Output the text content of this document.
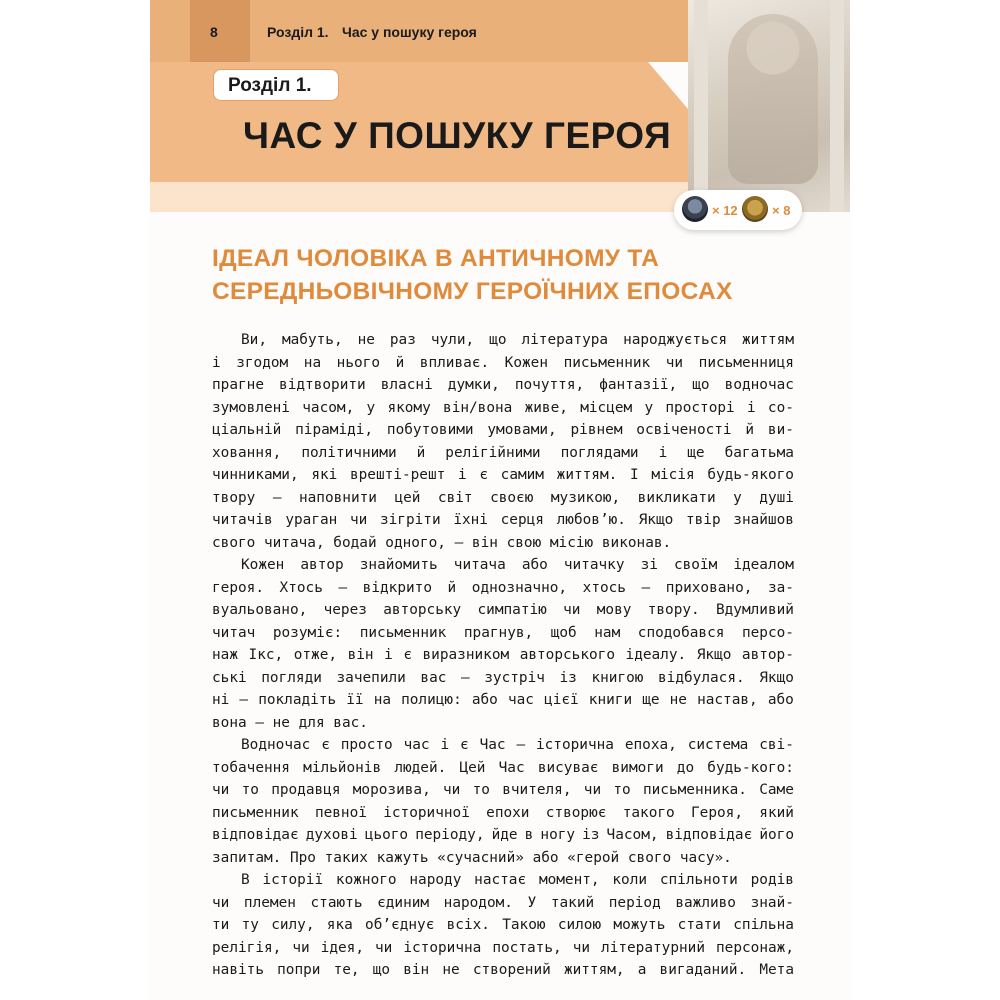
8	Розділ 1. Час у пошуку героя
Розділ 1.
ЧАС У ПОШУКУ ГЕРОЯ
× 12	× 8
ІДЕАЛ ЧОЛОВІКА В АНТИЧНОМУ ТА
СЕРЕДНЬОВІЧНОМУ ГЕРОЇЧНИХ ЕПОСАХ
Ви, мабуть, не раз чули, що література народжується життям
і згодом на нього й впливає. Кожен письменник чи письменниця
прагне відтворити власні думки, почуття, фантазії, що водночас
зумовлені часом, у якому він/вона живе, місцем у просторі і со-
ціальній піраміді, побутовими умовами, рівнем освіченості й ви-
ховання, політичними й релігійними поглядами і ще багатьма
чинниками, які врешті-решт і є самим життям. І місія будь-якого
твору — наповнити цей світ своєю музикою, викликати у душі
читачів ураган чи зігріти їхні серця любов’ю. Якщо твір знайшов
свого читача, бодай одного, — він свою місію виконав.
Кожен автор знайомить читача або читачку зі своїм ідеалом
героя. Хтось — відкрито й однозначно, хтось — приховано, за-
вуальовано, через авторську симпатію чи мову твору. Вдумливий
читач розуміє: письменник прагнув, щоб нам сподобався персо-
наж Ікс, отже, він і є виразником авторського ідеалу. Якщо автор-
ські погляди зачепили вас — зустріч із книгою відбулася. Якщо
ні — покладіть її на полицю: або час цієї книги ще не настав, або
вона — не для вас.
Водночас є просто час і є Час — історична епоха, система сві-
тобачення мільйонів людей. Цей Час висуває вимоги до будь-кого:
чи то продавця морозива, чи то вчителя, чи то письменника. Саме
письменник певної історичної епохи створює такого Героя, який
відповідає духові цього періоду, йде в ногу із Часом, відповідає його
запитам. Про таких кажуть «сучасний» або «герой свого часу».
В історії кожного народу настає момент, коли спільноти родів
чи племен стають єдиним народом. У такий період важливо знай-
ти ту силу, яка об’єднує всіх. Такою силою можуть стати спільна
релігія, чи ідея, чи історична постать, чи літературний персонаж,
навіть попри те, що він не створений життям, а вигаданий. Мета
